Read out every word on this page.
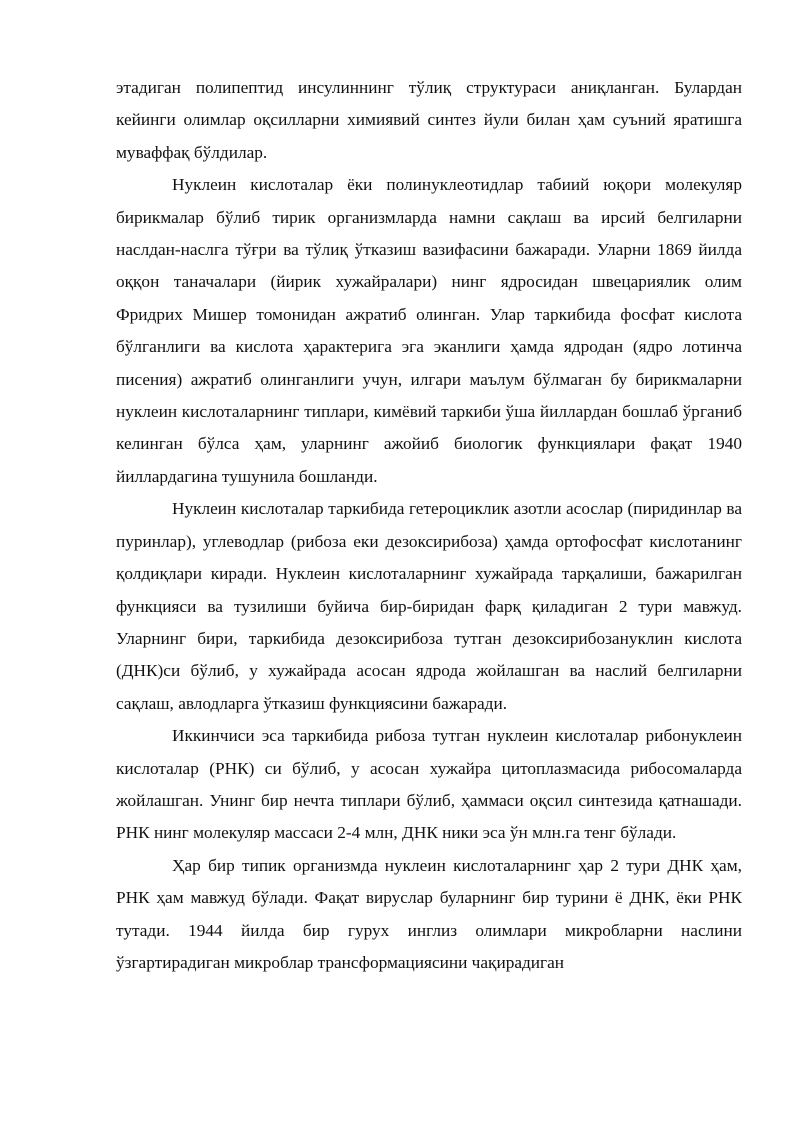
этадиган полипептид инсулиннинг тўлиқ структураси аниқланган. Булардан кейинги олимлар оқсилларни химиявий синтез йули билан ҳам суъний яратишга муваффақ бўлдилар.

Нуклеин кислоталар ёки полинуклеотидлар табиий юқори молекуляр бирикмалар бўлиб тирик организмларда намни сақлаш ва ирсий белгиларни наслдан-наслга тўғри ва тўлиқ ўтказиш вазифасини бажаради. Уларни 1869 йилда оққон таначалари (йирик хужайралари) нинг ядросидан швецариялик олим Фридрих Мишер томонидан ажратиб олинган. Улар таркибида фосфат кислота бўлганлиги ва кислота ҳарактерига эга эканлиги ҳамда ядродан (ядро лотинча писения) ажратиб олинганлиги учун, илгари маълум бўлмаган бу бирикмаларни нуклеин кислоталарнинг типлари, кимёвий таркиби ўша йиллардан бошлаб ўрганиб келинган бўлса ҳам, уларнинг ажойиб биологик функциялари фақат 1940 йиллардагина тушунила бошланди.

Нуклеин кислоталар таркибида гетероциклик азотли асослар (пиридинлар ва пуринлар), углеводлар (рибоза еки дезоксирибоза) ҳамда ортофосфат кислотанинг қолдиқлари киради. Нуклеин кислоталарнинг хужайрада тарқалиши, бажарилган функцияси ва тузилиши буйича бир-биридан фарқ қиладиган 2 тури мавжуд. Уларнинг бири, таркибида дезоксирибоза тутган дезоксирибозануклин кислота (ДНК)си бўлиб, у хужайрада асосан ядрода жойлашган ва наслий белгиларни сақлаш, авлодларга ўтказиш функциясини бажаради.

Иккинчиси эса таркибида рибоза тутган нуклеин кислоталар рибонуклеин кислоталар (РНК) си бўлиб, у асосан хужайра цитоплазмасида рибосомаларда жойлашган. Унинг бир нечта типлари бўлиб, ҳаммаси оқсил синтезида қатнашади. РНК нинг молекуляр массаси 2-4 млн, ДНК ники эса ўн млн.га тенг бўлади.

Ҳар бир типик организмда нуклеин кислоталарнинг ҳар 2 тури ДНК ҳам, РНК ҳам мавжуд бўлади. Фақат вируслар буларнинг бир турини ё ДНК, ёки РНК тутади. 1944 йилда бир гурух инглиз олимлари микробларни наслини ўзгартирадиган микроблар трансформациясини чақирадиган
